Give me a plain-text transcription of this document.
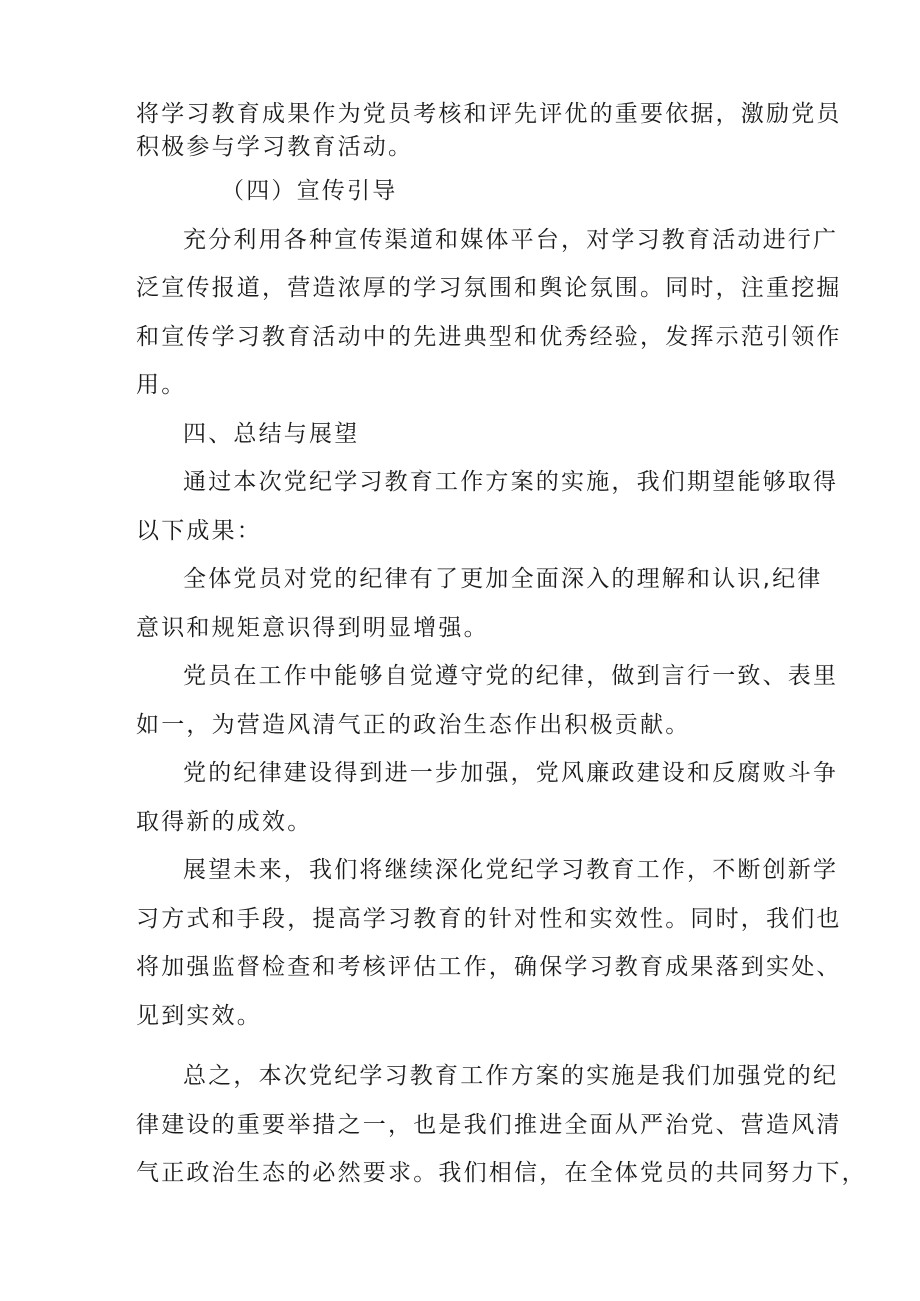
将学习教育成果作为党员考核和评先评优的重要依据，激励党员
积极参与学习教育活动。
（四）宣传引导
充分利用各种宣传渠道和媒体平台，对学习教育活动进行广
泛宣传报道，营造浓厚的学习氛围和舆论氛围。同时，注重挖掘
和宣传学习教育活动中的先进典型和优秀经验，发挥示范引领作
用。
四、总结与展望
通过本次党纪学习教育工作方案的实施，我们期望能够取得
以下成果：
全体党员对党的纪律有了更加全面深入的理解和认识,纪律
意识和规矩意识得到明显增强。
党员在工作中能够自觉遵守党的纪律，做到言行一致、表里
如一，为营造风清气正的政治生态作出积极贡献。
党的纪律建设得到进一步加强，党风廉政建设和反腐败斗争
取得新的成效。
展望未来，我们将继续深化党纪学习教育工作，不断创新学
习方式和手段，提高学习教育的针对性和实效性。同时，我们也
将加强监督检查和考核评估工作，确保学习教育成果落到实处、
见到实效。
总之，本次党纪学习教育工作方案的实施是我们加强党的纪
律建设的重要举措之一，也是我们推进全面从严治党、营造风清
气正政治生态的必然要求。我们相信，在全体党员的共同努力下，
